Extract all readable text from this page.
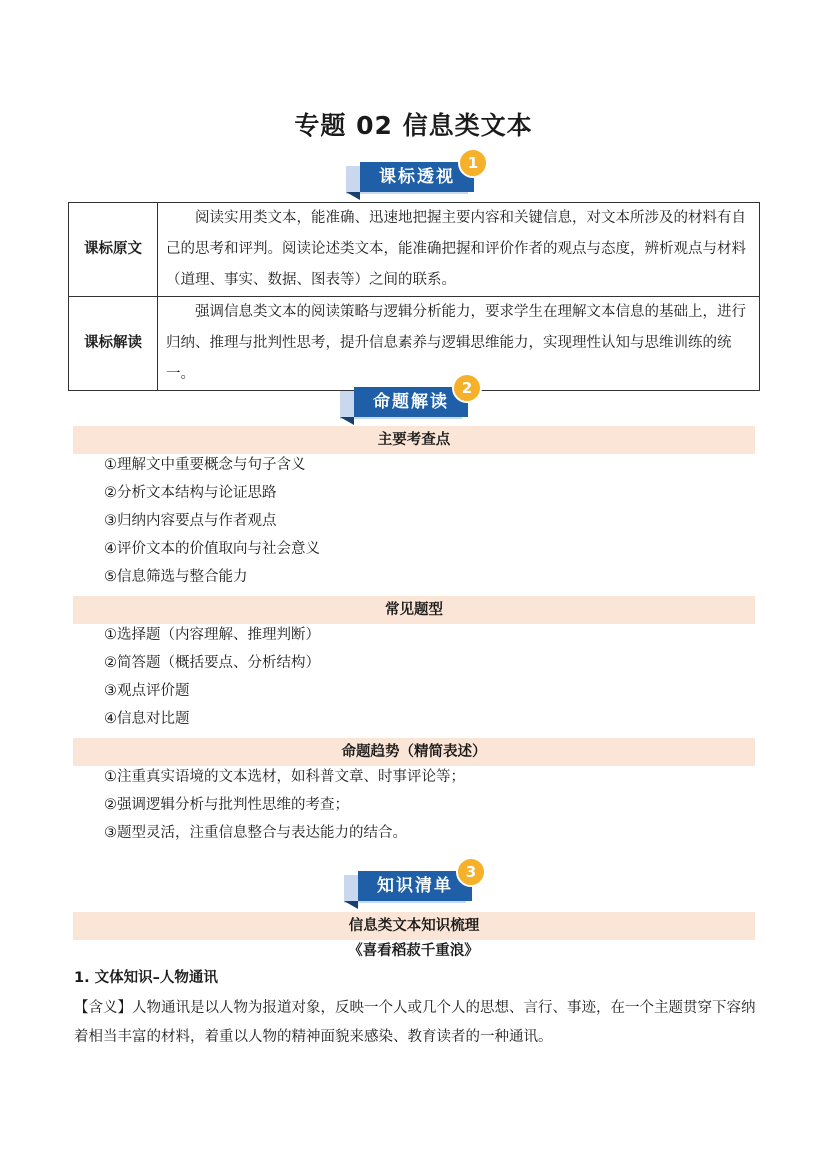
专题 02 信息类文本
课标透视
1
课标原文	阅读实用类文本，能准确、迅速地把握主要内容和关键信息，对文本所涉及的材料有自己的思考和评判。阅读论述类文本，能准确把握和评价作者的观点与态度，辨析观点与材料（道理、事实、数据、图表等）之间的联系。
课标解读	强调信息类文本的阅读策略与逻辑分析能力，要求学生在理解文本信息的基础上，进行归纳、推理与批判性思考，提升信息素养与逻辑思维能力，实现理性认知与思维训练的统一。
命题解读
2
主要考查点
①理解文中重要概念与句子含义
②分析文本结构与论证思路
③归纳内容要点与作者观点
④评价文本的价值取向与社会意义
⑤信息筛选与整合能力
常见题型
①选择题（内容理解、推理判断）
②简答题（概括要点、分析结构）
③观点评价题
④信息对比题
命题趋势（精简表述）
①注重真实语境的文本选材，如科普文章、时事评论等；
②强调逻辑分析与批判性思维的考查；
③题型灵活，注重信息整合与表达能力的结合。
知识清单
3
信息类文本知识梳理
《喜看稻菽千重浪》
1. 文体知识–人物通讯
【含义】人物通讯是以人物为报道对象，反映一个人或几个人的思想、言行、事迹，在一个主题贯穿下容纳着相当丰富的材料，着重以人物的精神面貌来感染、教育读者的一种通讯。
